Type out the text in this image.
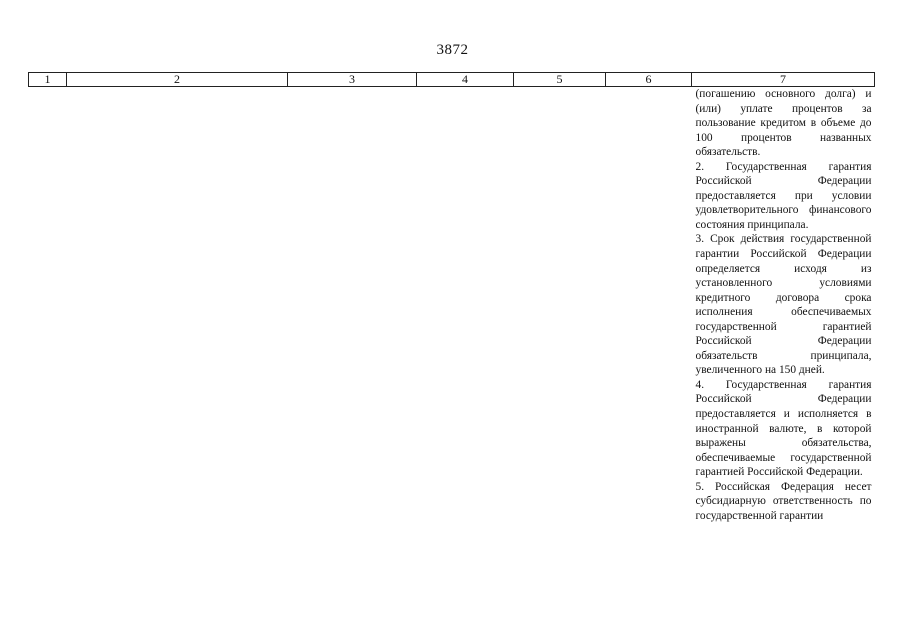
3872
1	2	3	4	5	6	7

						(погашению основного долга) и (или) уплате процентов за пользование кредитом в объеме до 100 процентов названных обязательств.

2. Государственная гарантия Российской Федерации предоставляется при условии удовлетворительного финансового состояния принципала.

3. Срок действия государственной гарантии Российской Федерации определяется исходя из установленного условиями кредитного договора срока исполнения обеспечиваемых государственной гарантией Российской Федерации обязательств принципала, увеличенного на 150 дней.

4. Государственная гарантия Российской Федерации предоставляется и исполняется в иностранной валюте, в которой выражены обязательства, обеспечиваемые государственной гарантией Российской Федерации.

5. Российская Федерация несет субсидиарную ответственность по государственной гарантии
